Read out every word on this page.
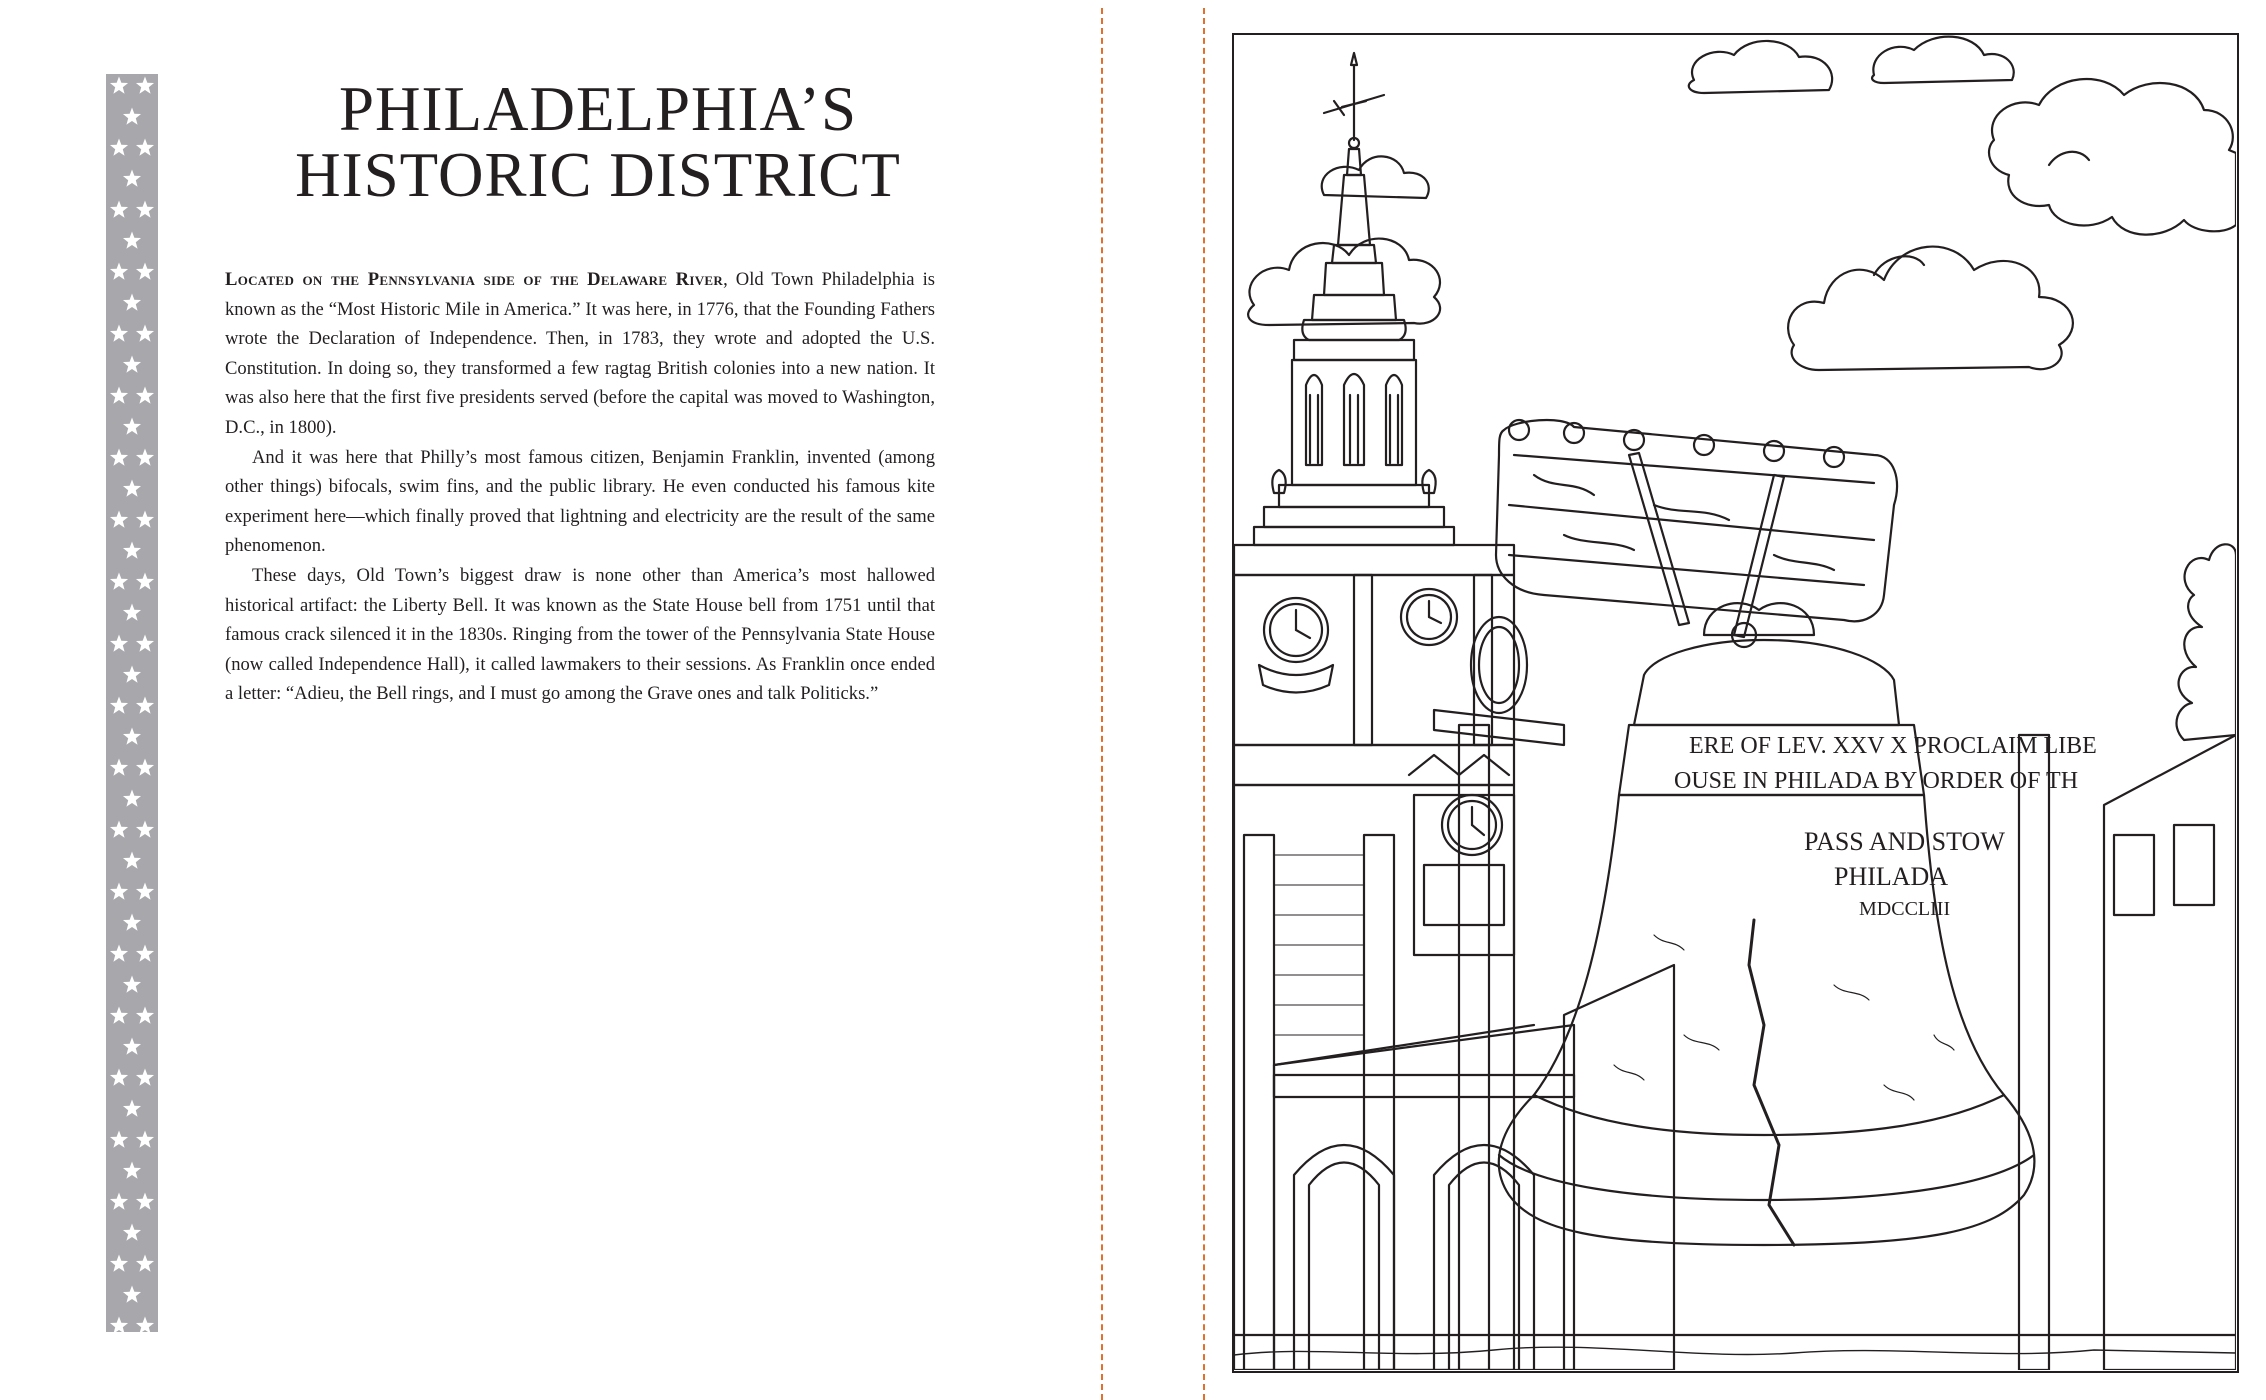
PHILADELPHIA’S
HISTORIC DISTRICT

Located on the Pennsylvania side of the Delaware River, Old Town Philadelphia is known as the “Most Historic Mile in America.” It was here, in 1776, that the Founding Fathers wrote the Declaration of Independence. Then, in 1783, they wrote and adopted the U.S. Constitution. In doing so, they transformed a few ragtag British colonies into a new nation. It was also here that the first five presidents served (before the capital was moved to Washington, D.C., in 1800).

And it was here that Philly’s most famous citizen, Benjamin Franklin, invented (among other things) bifocals, swim fins, and the public library. He even conducted his famous kite experiment here—which finally proved that lightning and electricity are the result of the same phenomenon.

These days, Old Town’s biggest draw is none other than America’s most hallowed historical artifact: the Liberty Bell. It was known as the State House bell from 1751 until that famous crack silenced it in the 1830s. Ringing from the tower of the Pennsylvania State House (now called Independence Hall), it called lawmakers to their sessions. As Franklin once ended a letter: “Adieu, the Bell rings, and I must go among the Grave ones and talk Politicks.”

ERE OF LEV. XXV X PROCLAIM LIBE
OUSE IN PHILADA BY ORDER OF TH
PASS AND STOW
PHILADA
MDCCLIII
